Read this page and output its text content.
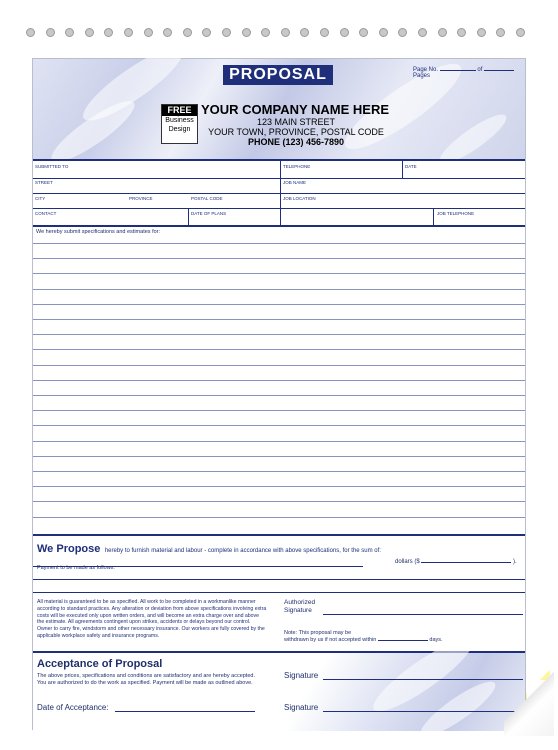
PROPOSAL	Page No.	of  Pages
FREE
Business
Design
YOUR COMPANY NAME HERE
123 MAIN STREET
YOUR TOWN, PROVINCE, POSTAL CODE
PHONE (123) 456-7890
SUBMITTED TO	TELEPHONE	DATE
STREET	JOB NAME
CITY	PROVINCE	POSTAL CODE	JOB LOCATION
CONTACT	DATE OF PLANS	JOB TELEPHONE
We hereby submit specifications and estimates for:
We Propose hereby to furnish material and labour - complete in accordance with above specifications, for the sum of:
dollars ($	).
Payment to be made as follows:
All material is guaranteed to be as specified. All work to be completed in a workmanlike manner according to standard practices. Any alteration or deviation from above specifications involving extra costs will be executed only upon written orders, and will become an extra charge over and above the estimate. All agreements contingent upon strikes, accidents or delays beyond our control. Owner to carry fire, windstorm and other necessary insurance. Our workers are fully covered by the applicable workplace safety and insurance programs.
Authorized
Signature
Note: This proposal may be
withdrawn by us if not accepted within	days.
Acceptance of Proposal
The above prices, specifications and conditions are satisfactory and are hereby accepted. You are authorized to do the work as specified. Payment will be made as outlined above.
Date of Acceptance:
Signature
Signature
